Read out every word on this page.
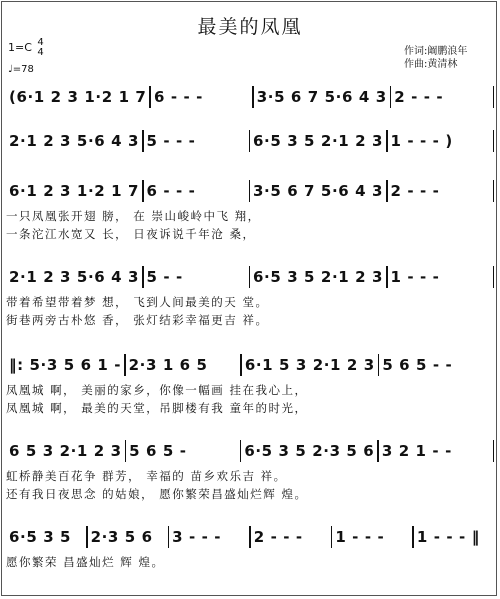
最美的凤凰
1=C 4
4
♩=78
作词:阚鹏浪年
作曲:黄清林
(6·1 2 3 1·2 1 7 6 - - -	3·5 6 7 5·6 4 3 2 - - -
2·1 2 3 5·6 4 3 5 - - -	6·5 3 5 2·1 2 3 1 - - - )
6·1 2 3 1·2 1 7 6 - - -	3·5 6 7 5·6 4 3 2 - - -
一只凤凰张开翅 膀， 在 崇山峻岭中飞 翔，
一条沱江水宽又 长， 日夜诉说千年沧 桑，
2·1 2 3 5·6 4 3 5 - -	6·5 3 5 2·1 2 3 1 - - -
带着希望带着梦 想， 飞到人间最美的天 堂。
街巷两旁古朴悠 香， 张灯结彩幸福更吉 祥。
‖: 5·3 5 6 1 - 2·3 1 6 5	6·1 5 3 2·1 2 3 5 6 5 - -
凤凰城 啊， 美丽的家乡，你像一幅画 挂在我心上，
凤凰城 啊， 最美的天堂，吊脚楼有我 童年的时光，
6 5 3 2·1 2 3 5 6 5 -	6·5 3 5 2·3 5 6 3 2 1 - -
虹桥静美百花争 群芳， 幸福的 苗乡欢乐吉 祥。
还有我日夜思念 的姑娘， 愿你繁荣昌盛灿烂辉 煌。
6·5 3 5	2·3 5 6	3 - - -	2 - - -	1 - - -	1 - - - ‖
愿你繁荣 昌盛灿烂 辉 煌。
